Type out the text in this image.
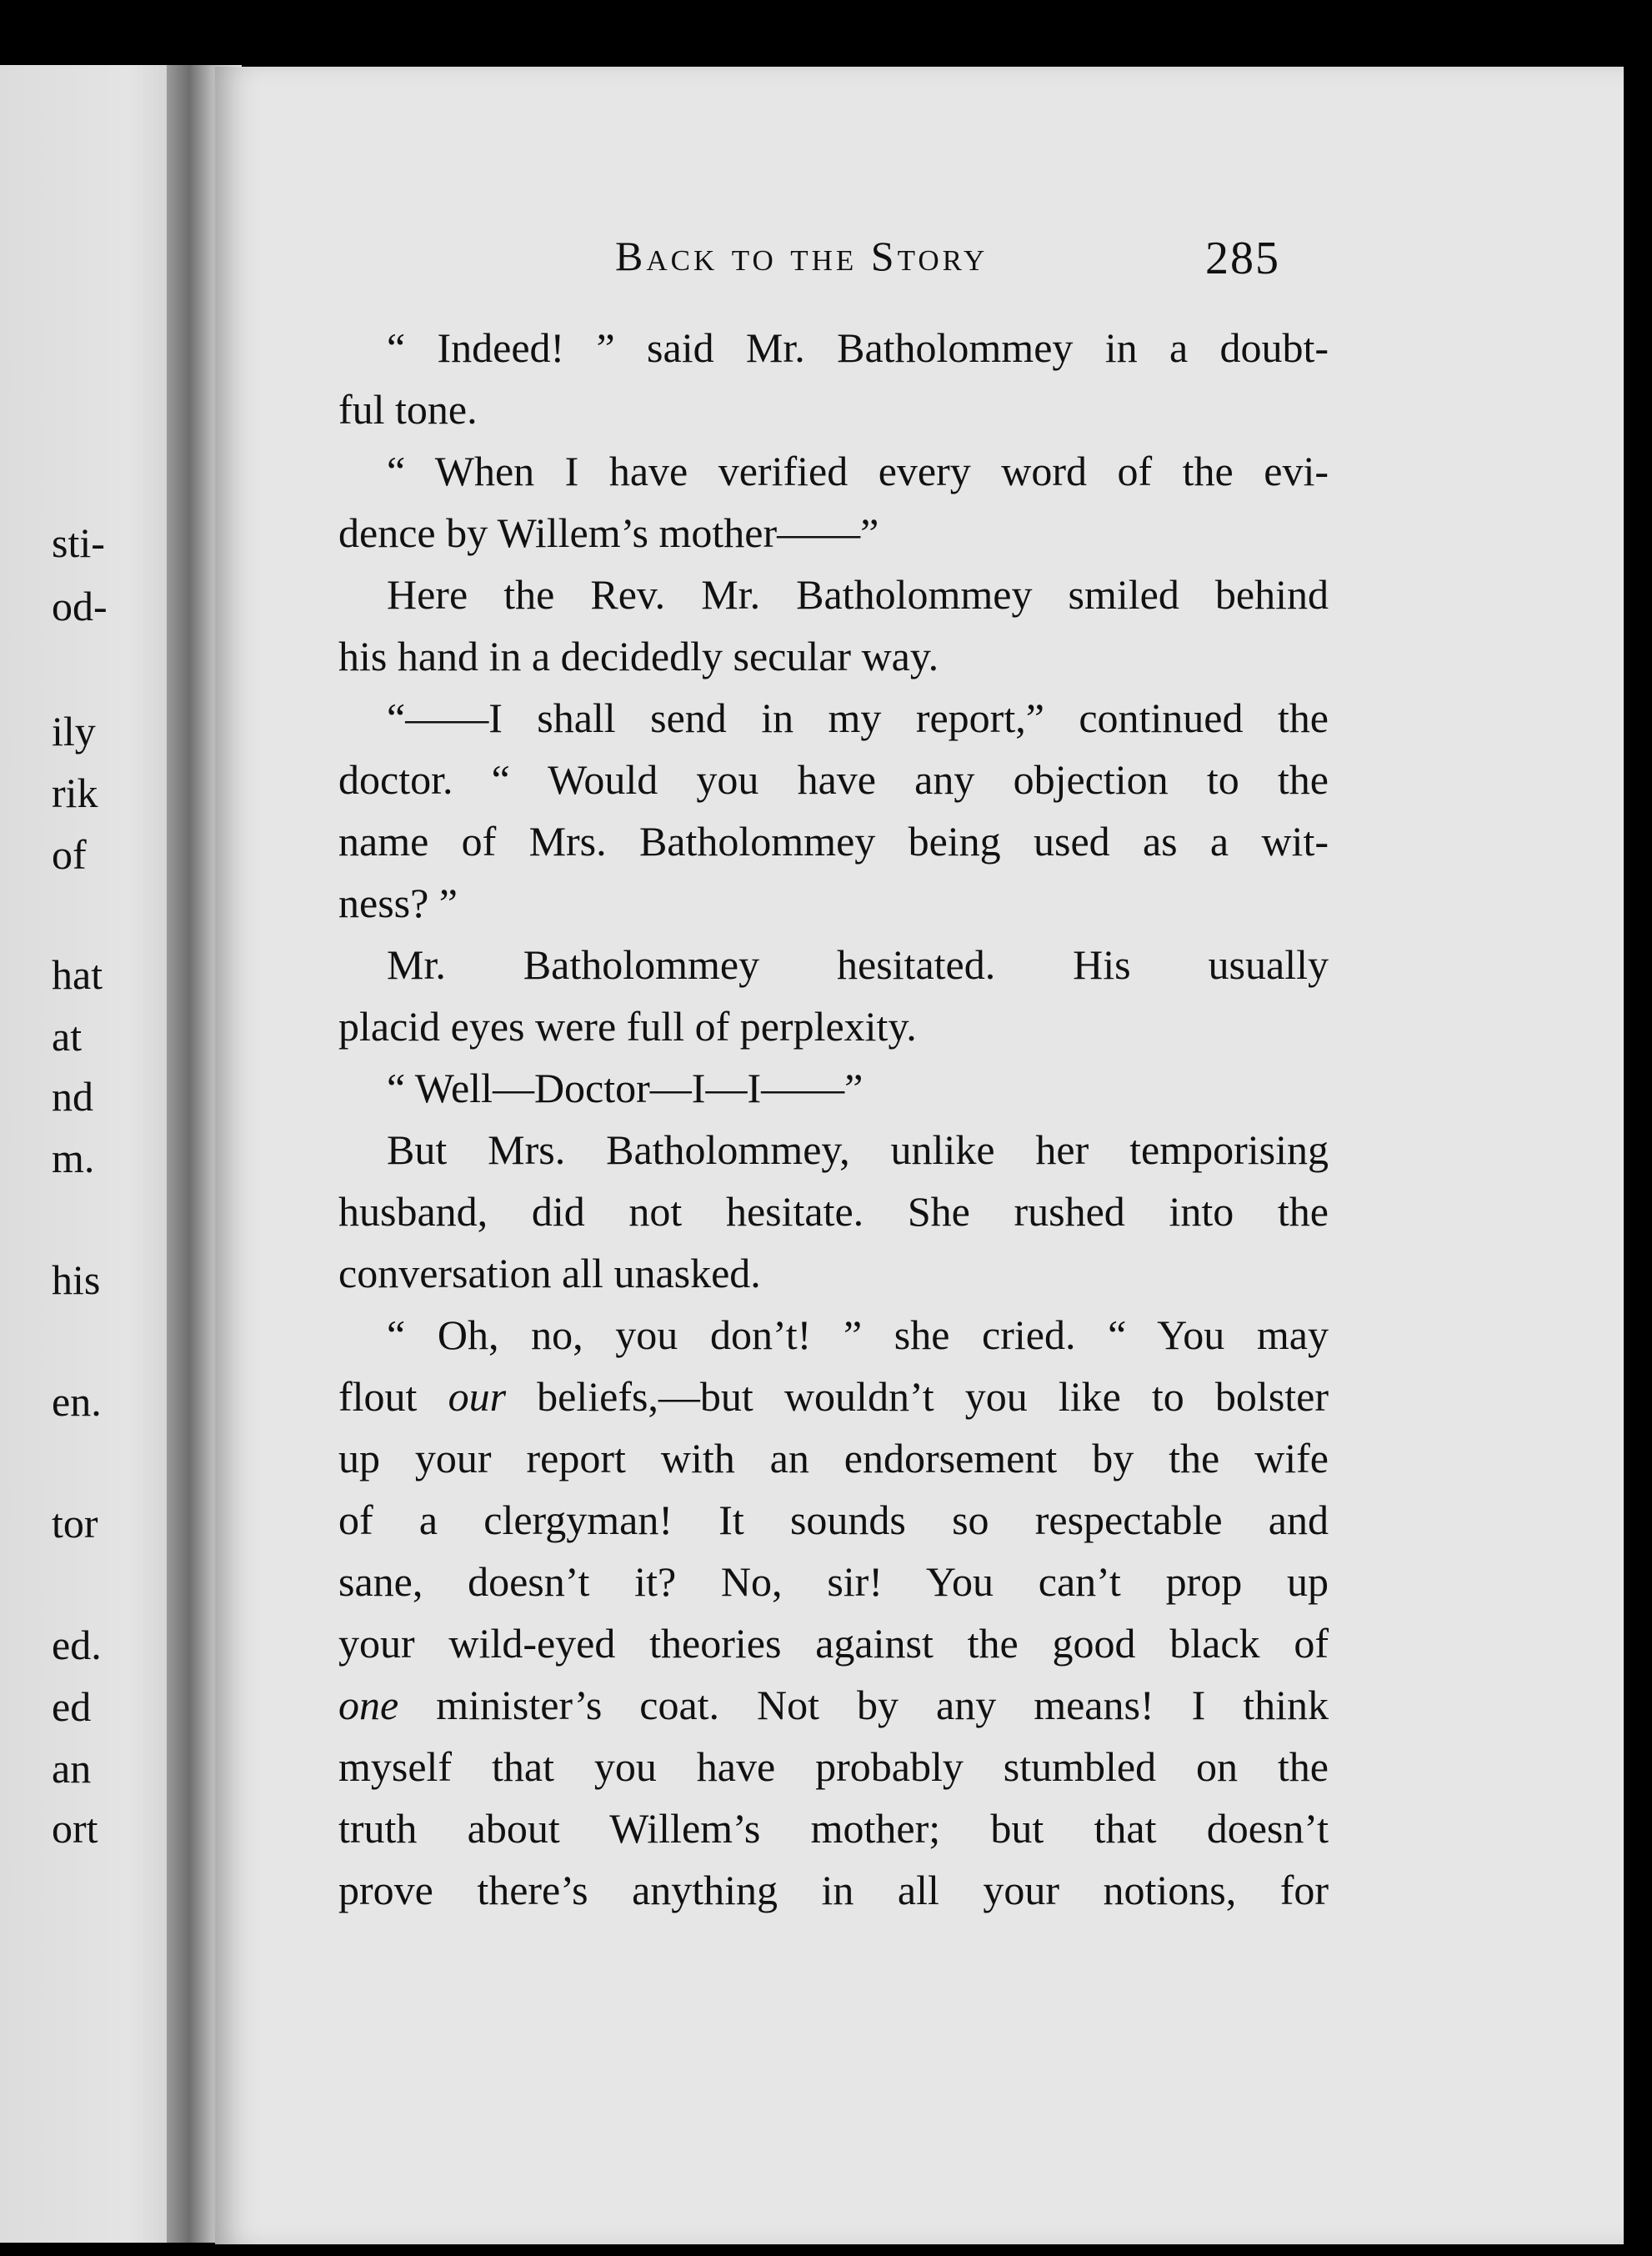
sti-
od-
ily
rik
of
hat
at
nd
m.
his
en.
tor
ed.
ed
an
ort
Back to the Story	285
“ Indeed! ” said Mr. Batholommey in a doubt-
ful tone.
“ When I have verified every word of the evi-
dence by Willem’s mother——”
Here the Rev. Mr. Batholommey smiled behind
his hand in a decidedly secular way.
“——I shall send in my report,” continued the
doctor. “ Would you have any objection to the
name of Mrs. Batholommey being used as a wit-
ness? ”
Mr. Batholommey hesitated. His usually
placid eyes were full of perplexity.
“ Well—Doctor—I—I——”
But Mrs. Batholommey, unlike her temporising
husband, did not hesitate. She rushed into the
conversation all unasked.
“ Oh, no, you don’t! ” she cried. “ You may
flout our beliefs,—but wouldn’t you like to bolster
up your report with an endorsement by the wife
of a clergyman! It sounds so respectable and
sane, doesn’t it? No, sir! You can’t prop up
your wild-eyed theories against the good black of
one minister’s coat. Not by any means! I think
myself that you have probably stumbled on the
truth about Willem’s mother; but that doesn’t
prove there’s anything in all your notions, for
